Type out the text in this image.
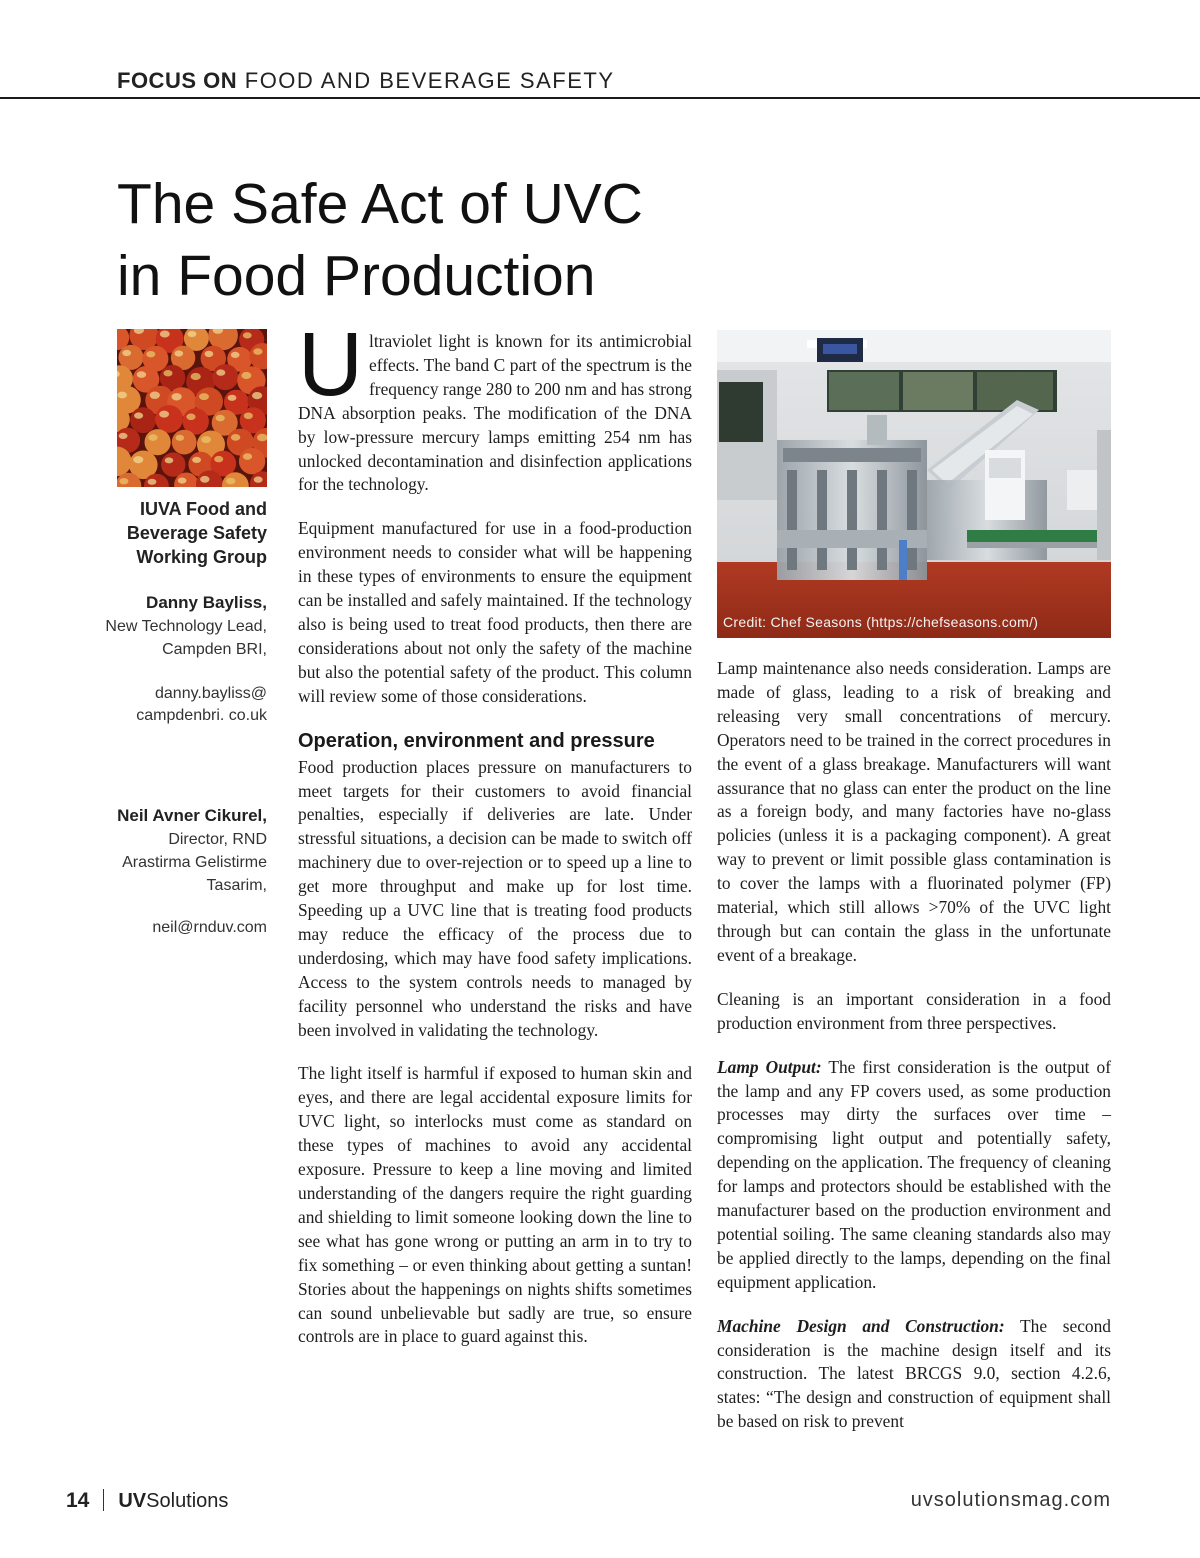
FOCUS ON FOOD AND BEVERAGE SAFETY
The Safe Act of UVC
in Food Production
IUVA Food and Beverage Safety Working Group
Danny Bayliss,
New Technology Lead, Campden BRI,
danny.bayliss@ campdenbri. co.uk
Neil Avner Cikurel,
Director, RND Arastirma Gelistirme Tasarim,
neil@rnduv.com

Ultraviolet light is known for its antimicrobial effects. The band C part of the spectrum is the frequency range 280 to 200 nm and has strong DNA absorption peaks. The modification of the DNA by low-pressure mercury lamps emitting 254 nm has unlocked decontamination and disinfection applications for the technology.

Equipment manufactured for use in a food-production environment needs to consider what will be happening in these types of environments to ensure the equipment can be installed and safely maintained. If the technology also is being used to treat food products, then there are considerations about not only the safety of the machine but also the potential safety of the product. This column will review some of those considerations.

Operation, environment and pressure

Food production places pressure on manufacturers to meet targets for their customers to avoid financial penalties, especially if deliveries are late. Under stressful situations, a decision can be made to switch off machinery due to over-rejection or to speed up a line to get more throughput and make up for lost time. Speeding up a UVC line that is treating food products may reduce the efficacy of the process due to underdosing, which may have food safety implications. Access to the system controls needs to managed by facility personnel who understand the risks and have been involved in validating the technology.

The light itself is harmful if exposed to human skin and eyes, and there are legal accidental exposure limits for UVC light, so interlocks must come as standard on these types of machines to avoid any accidental exposure. Pressure to keep a line moving and limited understanding of the dangers require the right guarding and shielding to limit someone looking down the line to see what has gone wrong or putting an arm in to try to fix something – or even thinking about getting a suntan! Stories about the happenings on nights shifts sometimes can sound unbelievable but sadly are true, so ensure controls are in place to guard against this.

Credit: Chef Seasons (https://chefseasons.com/)

Lamp maintenance also needs consideration. Lamps are made of glass, leading to a risk of breaking and releasing very small concentrations of mercury. Operators need to be trained in the correct procedures in the event of a glass breakage. Manufacturers will want assurance that no glass can enter the product on the line as a foreign body, and many factories have no-glass policies (unless it is a packaging component). A great way to prevent or limit possible glass contamination is to cover the lamps with a fluorinated polymer (FP) material, which still allows >70% of the UVC light through but can contain the glass in the unfortunate event of a breakage.

Cleaning is an important consideration in a food production environment from three perspectives.

Lamp Output: The first consideration is the output of the lamp and any FP covers used, as some production processes may dirty the surfaces over time – compromising light output and potentially safety, depending on the application. The frequency of cleaning for lamps and protectors should be established with the manufacturer based on the production environment and potential soiling. The same cleaning standards also may be applied directly to the lamps, depending on the final equipment application.

Machine Design and Construction: The second consideration is the machine design itself and its construction. The latest BRCGS 9.0, section 4.2.6, states: “The design and construction of equipment shall be based on risk to prevent

14 UVSolutions	uvsolutionsmag.com
